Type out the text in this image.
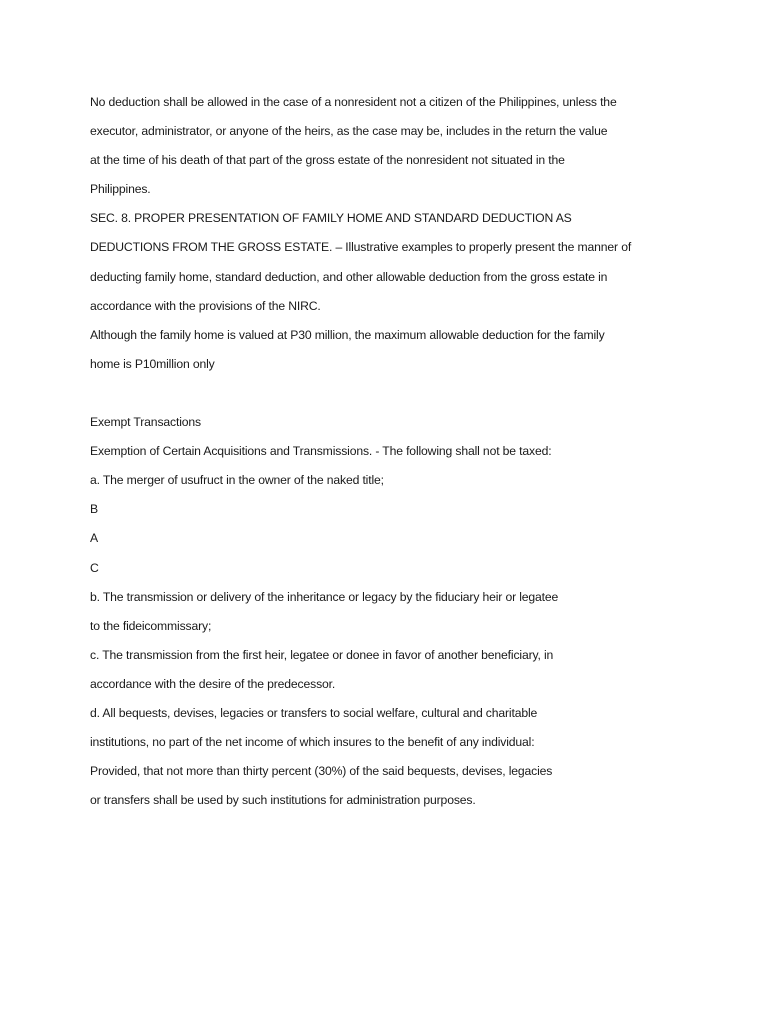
No deduction shall be allowed in the case of a nonresident not a citizen of the Philippines, unless the
executor, administrator, or anyone of the heirs, as the case may be, includes in the return the value
at the time of his death of that part of the gross estate of the nonresident not situated in the
Philippines.
SEC. 8. PROPER PRESENTATION OF FAMILY HOME AND STANDARD DEDUCTION AS
DEDUCTIONS FROM THE GROSS ESTATE. – Illustrative examples to properly present the manner of
deducting family home, standard deduction, and other allowable deduction from the gross estate in
accordance with the provisions of the NIRC.
Although the family home is valued at P30 million, the maximum allowable deduction for the family
home is P10million only
Exempt Transactions
Exemption of Certain Acquisitions and Transmissions. - The following shall not be taxed:
a. The merger of usufruct in the owner of the naked title;
B
A
C
b. The transmission or delivery of the inheritance or legacy by the fiduciary heir or legatee
to the fideicommissary;
c. The transmission from the first heir, legatee or donee in favor of another beneficiary, in
accordance with the desire of the predecessor.
d. All bequests, devises, legacies or transfers to social welfare, cultural and charitable
institutions, no part of the net income of which insures to the benefit of any individual:
Provided, that not more than thirty percent (30%) of the said bequests, devises, legacies
or transfers shall be used by such institutions for administration purposes.
